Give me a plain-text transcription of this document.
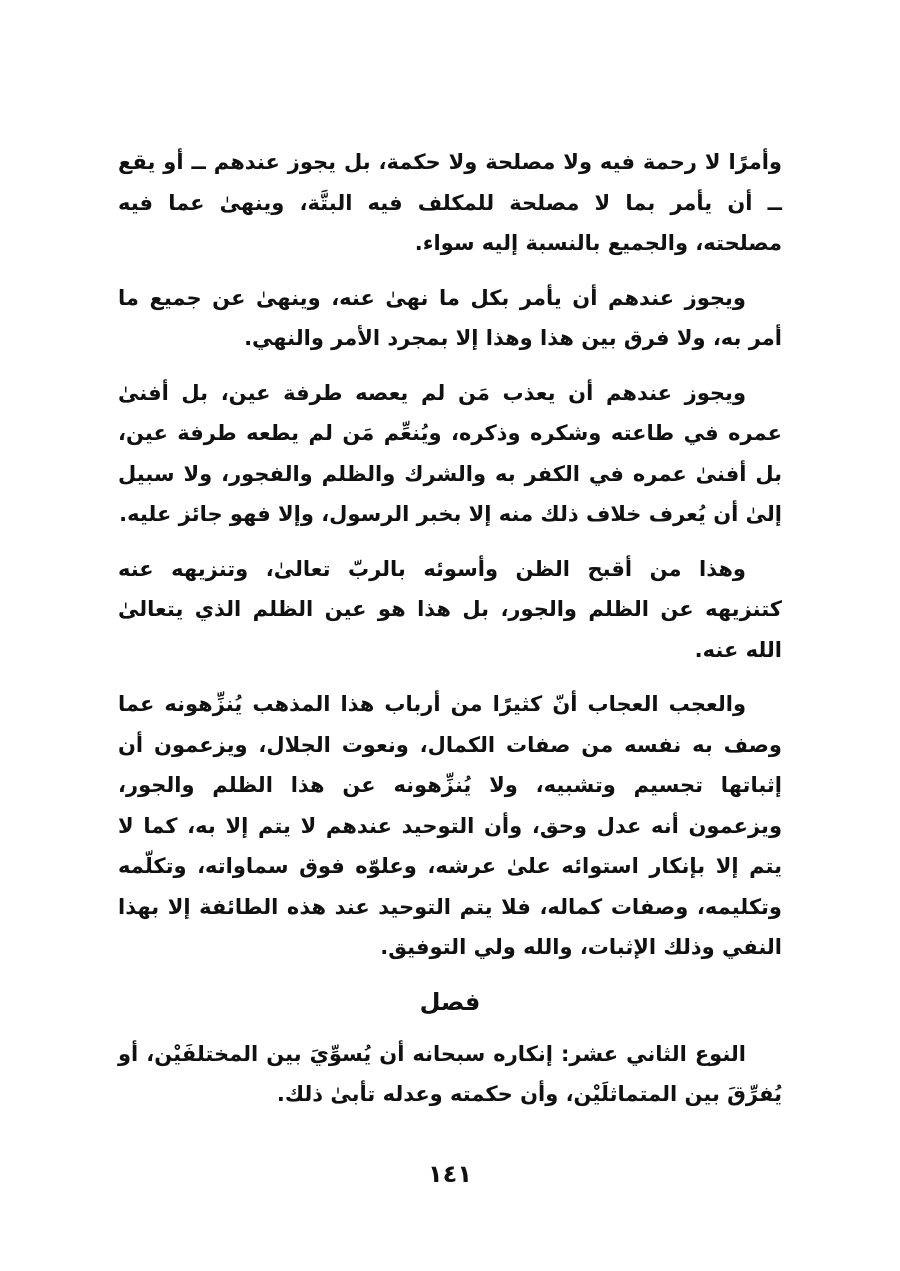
وأمرًا لا رحمة فيه ولا مصلحة ولا حكمة، بل يجوز عندهم ــ أو يقع ــ أن يأمر بما لا مصلحة للمكلف فيه البتَّة، وينهىٰ عما فيه مصلحته، والجميع بالنسبة إليه سواء.

ويجوز عندهم أن يأمر بكل ما نهىٰ عنه، وينهىٰ عن جميع ما أمر به، ولا فرق بين هذا وهذا إلا بمجرد الأمر والنهي.

ويجوز عندهم أن يعذب مَن لم يعصه طرفة عين، بل أفنىٰ عمره في طاعته وشكره وذكره، ويُنعِّم مَن لم يطعه طرفة عين، بل أفنىٰ عمره في الكفر به والشرك والظلم والفجور، ولا سبيل إلىٰ أن يُعرف خلاف ذلك منه إلا بخبر الرسول، وإلا فهو جائز عليه.

وهذا من أقبح الظن وأسوئه بالربّ تعالىٰ، وتنزيهه عنه كتنزيهه عن الظلم والجور، بل هذا هو عين الظلم الذي يتعالىٰ الله عنه.

والعجب العجاب أنّ كثيرًا من أرباب هذا المذهب يُنزِّهونه عما وصف به نفسه من صفات الكمال، ونعوت الجلال، ويزعمون أن إثباتها تجسيم وتشبيه، ولا يُنزِّهونه عن هذا الظلم والجور، ويزعمون أنه عدل وحق، وأن التوحيد عندهم لا يتم إلا به، كما لا يتم إلا بإنكار استوائه علىٰ عرشه، وعلوّه فوق سماواته، وتكلّمه وتكليمه، وصفات كماله، فلا يتم التوحيد عند هذه الطائفة إلا بهذا النفي وذلك الإثبات، والله ولي التوفيق.

فصل

النوع الثاني عشر: إنكاره سبحانه أن يُسوِّيَ بين المختلفَيْن، أو يُفرِّقَ بين المتماثلَيْن، وأن حكمته وعدله تأبىٰ ذلك.

١٤١
